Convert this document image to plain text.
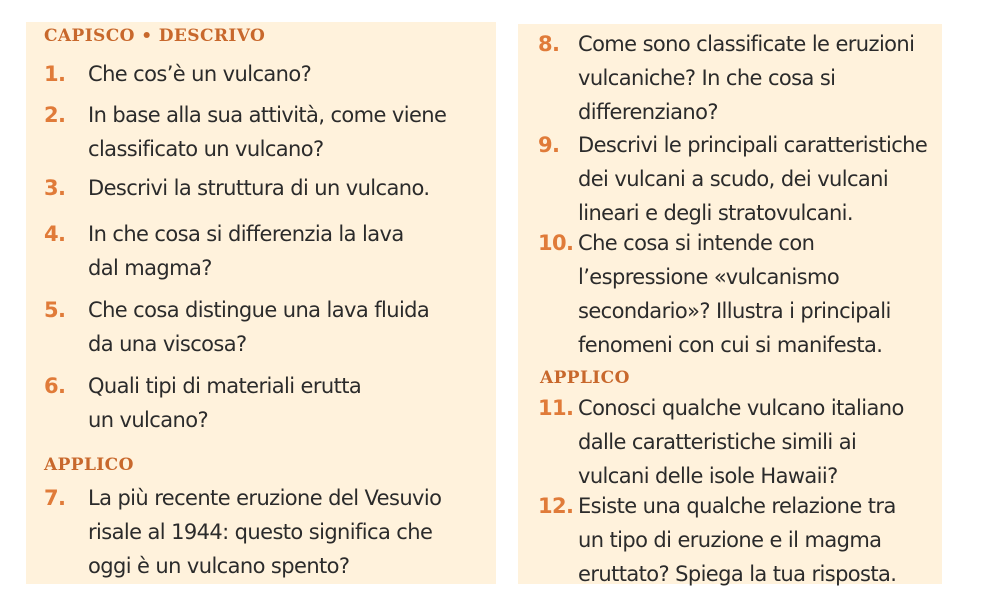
CAPISCO • DESCRIVO
1.	Che cos’è un vulcano?
2.	In base alla sua attività, come viene
classificato un vulcano?
3.	Descrivi la struttura di un vulcano.
4.	In che cosa si differenzia la lava
dal magma?
5.	Che cosa distingue una lava fluida
da una viscosa?
6.	Quali tipi di materiali erutta
un vulcano?
APPLICO
7.	La più recente eruzione del Vesuvio
risale al 1944: questo significa che
oggi è un vulcano spento?
8. Come sono classificate le eruzioni
vulcaniche? In che cosa si
differenziano?
9. Descrivi le principali caratteristiche
dei vulcani a scudo, dei vulcani
lineari e degli stratovulcani.
10. Che cosa si intende con
l’espressione «vulcanismo
secondario»? Illustra i principali
fenomeni con cui si manifesta.
APPLICO
11. Conosci qualche vulcano italiano
dalle caratteristiche simili ai
vulcani delle isole Hawaii?
12. Esiste una qualche relazione tra
un tipo di eruzione e il magma
eruttato? Spiega la tua risposta.
